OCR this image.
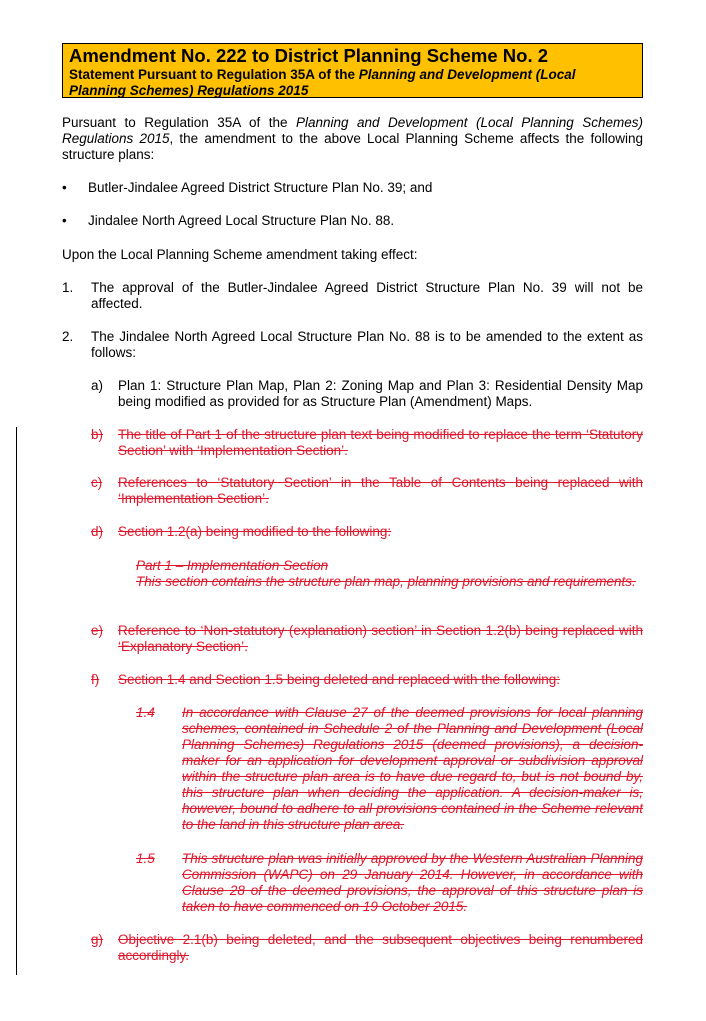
Amendment No. 222 to District Planning Scheme No. 2
Statement Pursuant to Regulation 35A of the Planning and Development (Local Planning Schemes) Regulations 2015
Pursuant to Regulation 35A of the Planning and Development (Local Planning Schemes) Regulations 2015, the amendment to the above Local Planning Scheme affects the following structure plans:
• Butler-Jindalee Agreed District Structure Plan No. 39; and
• Jindalee North Agreed Local Structure Plan No. 88.
Upon the Local Planning Scheme amendment taking effect:
1. The approval of the Butler-Jindalee Agreed District Structure Plan No. 39 will not be affected.
2. The Jindalee North Agreed Local Structure Plan No. 88 is to be amended to the extent as follows:
a) Plan 1: Structure Plan Map, Plan 2: Zoning Map and Plan 3: Residential Density Map being modified as provided for as Structure Plan (Amendment) Maps.
b) The title of Part 1 of the structure plan text being modified to replace the term ‘Statutory Section’ with ‘Implementation Section’.
c) References to ‘Statutory Section’ in the Table of Contents being replaced with ‘Implementation Section’.
d) Section 1.2(a) being modified to the following:
Part 1 – Implementation Section
This section contains the structure plan map, planning provisions and requirements.
e) Reference to ‘Non-statutory (explanation) section’ in Section 1.2(b) being replaced with ‘Explanatory Section’.
f) Section 1.4 and Section 1.5 being deleted and replaced with the following:
1.4 In accordance with Clause 27 of the deemed provisions for local planning schemes, contained in Schedule 2 of the Planning and Development (Local Planning Schemes) Regulations 2015 (deemed provisions), a decision-maker for an application for development approval or subdivision approval within the structure plan area is to have due regard to, but is not bound by, this structure plan when deciding the application. A decision-maker is, however, bound to adhere to all provisions contained in the Scheme relevant to the land in this structure plan area.
1.5 This structure plan was initially approved by the Western Australian Planning Commission (WAPC) on 29 January 2014. However, in accordance with Clause 28 of the deemed provisions, the approval of this structure plan is taken to have commenced on 19 October 2015.
g) Objective 2.1(b) being deleted, and the subsequent objectives being renumbered accordingly.
